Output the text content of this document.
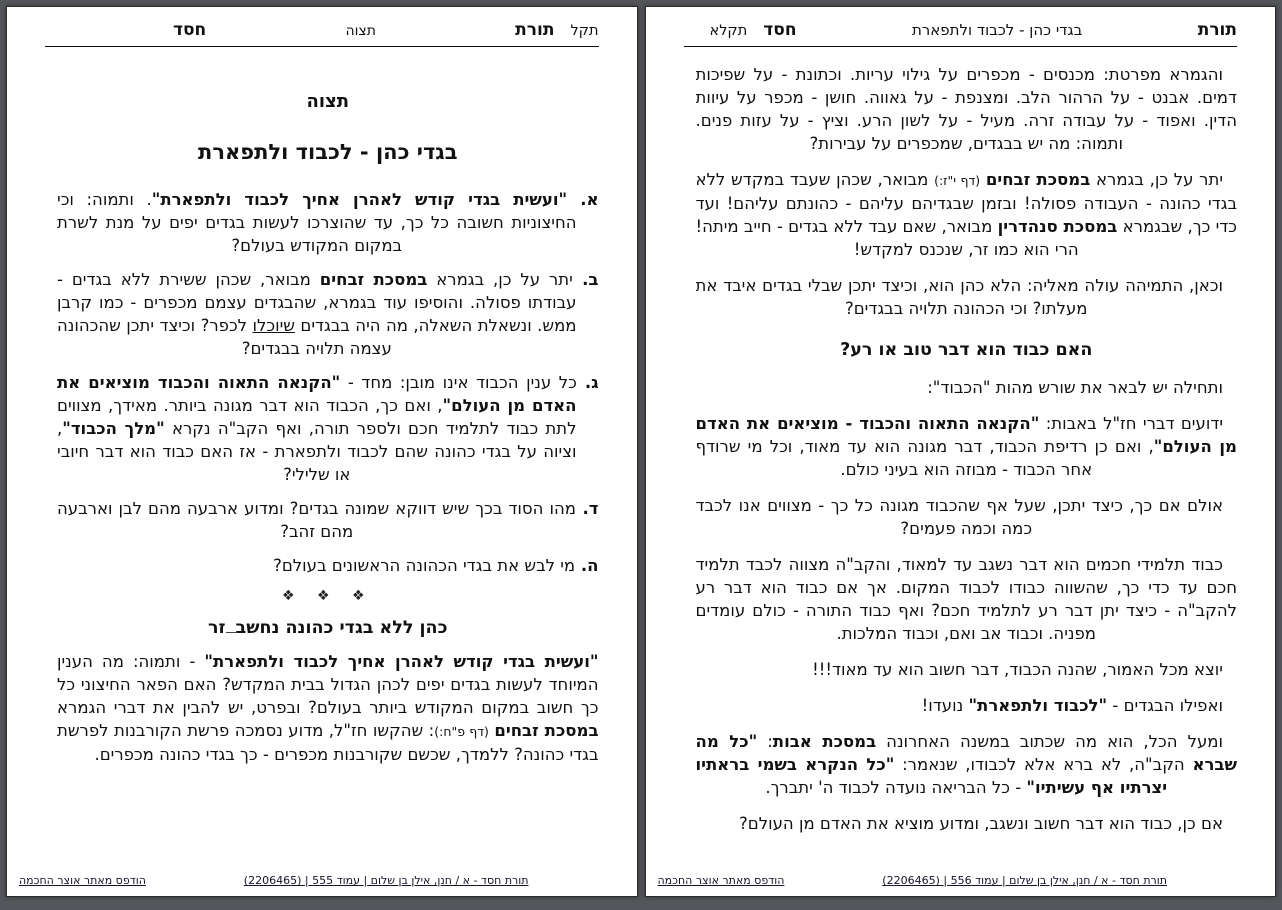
תקל
תורת
תצוה
חסד
תצוה
בגדי כהן - לכבוד ולתפארת

א. "ועשית בגדי קודש לאהרן אחיך לכבוד ולתפארת". ותמוה: וכי החיצוניות חשובה כל כך, עד שהוצרכו לעשות בגדים יפים על מנת לשרת במקום המקודש בעולם?

ב. יתר על כן, בגמרא במסכת זבחים מבואר, שכהן ששירת ללא בגדים - עבודתו פסולה. והוסיפו עוד בגמרא, שהבגדים עצמם מכפרים - כמו קרבן ממש. ונשאלת השאלה, מה היה בבגדים שיוכלו לכפר? וכיצד יתכן שהכהונה עצמה תלויה בבגדים?

ג. כל ענין הכבוד אינו מובן: מחד - "הקנאה התאוה והכבוד מוציאים את האדם מן העולם", ואם כך, הכבוד הוא דבר מגונה ביותר. מאידך, מצווים לתת כבוד לתלמיד חכם ולספר תורה, ואף הקב"ה נקרא "מלך הכבוד", וציוה על בגדי כהונה שהם לכבוד ולתפארת - אז האם כבוד הוא דבר חיובי או שלילי?

ד. מהו הסוד בכך שיש דווקא שמונה בגדים? ומדוע ארבעה מהם לבן וארבעה מהם זהב?

ה. מי לבש את בגדי הכהונה הראשונים בעולם?

❖ ❖ ❖
כהן ללא בגדי כהונה נחשבזר

"ועשית בגדי קודש לאהרן אחיך לכבוד ולתפארת" - ותמוה: מה הענין המיוחד לעשות בגדים יפים לכהן הגדול בבית המקדש? האם הפאר החיצוני כל כך חשוב במקום המקודש ביותר בעולם? ובפרט, יש להבין את דברי הגמרא במסכת זבחים (דף פ"ח:): שהקשו חז"ל, מדוע נסמכה פרשת הקורבנות לפרשת בגדי כהונה? ללמדך, שכשם שקורבנות מכפרים - כך בגדי כהונה מכפרים.

תורת חסד - א / חנן, אילן בן שלום | עמוד 555 | (2206465)
הודפס מאתר אוצר החכמה
תורת
בגדי כהן - לכבוד ולתפארת
חסד
תקלא

והגמרא מפרטת: מכנסים - מכפרים על גילוי עריות. וכתונת - על שפיכות דמים. אבנט - על הרהור הלב. ומצנפת - על גאווה. חושן - מכפר על עיוות הדין. ואפוד - על עבודה זרה. מעיל - על לשון הרע. וציץ - על עזות פנים. ותמוה: מה יש בבגדים, שמכפרים על עבירות?

יתר על כן, בגמרא במסכת זבחים (דף י"ז:) מבואר, שכהן שעבד במקדש ללא בגדי כהונה - העבודה פסולה! ובזמן שבגדיהם עליהם - כהונתם עליהם! ועד כדי כך, שבגמרא במסכת סנהדרין מבואר, שאם עבד ללא בגדים - חייב מיתה! הרי הוא כמו זר, שנכנס למקדש!

וכאן, התמיהה עולה מאליה: הלא כהן הוא, וכיצד יתכן שבלי בגדים איבד את מעלתו? וכי הכהונה תלויה בבגדים?

האם כבוד הוא דבר טוב או רע?

ותחילה יש לבאר את שורש מהות "הכבוד":

ידועים דברי חז"ל באבות: "הקנאה התאוה והכבוד - מוציאים את האדם מן העולם", ואם כן רדיפת הכבוד, דבר מגונה הוא עד מאוד, וכל מי שרודף אחר הכבוד - מבוזה הוא בעיני כולם.

אולם אם כך, כיצד יתכן, שעל אף שהכבוד מגונה כל כך - מצווים אנו לכבד כמה וכמה פעמים?

כבוד תלמידי חכמים הוא דבר נשגב עד למאוד, והקב"ה מצווה לכבד תלמיד חכם עד כדי כך, שהשווה כבודו לכבוד המקום. אך אם כבוד הוא דבר רע להקב"ה - כיצד יתן דבר רע לתלמיד חכם? ואף כבוד התורה - כולם עומדים מפניה. וכבוד אב ואם, וכבוד המלכות.

יוצא מכל האמור, שהנה הכבוד, דבר חשוב הוא עד מאוד!!!

ואפילו הבגדים - "לכבוד ולתפארת" נועדו!

ומעל הכל, הוא מה שכתוב במשנה האחרונה במסכת אבות: "כל מה שברא הקב"ה, לא ברא אלא לכבודו, שנאמר: "כל הנקרא בשמי בראתיו יצרתיו אף עשיתיו" - כל הבריאה נועדה לכבוד ה' יתברך.

אם כן, כבוד הוא דבר חשוב ונשגב, ומדוע מוציא את האדם מן העולם?

תורת חסד - א / חנן, אילן בן שלום | עמוד 556 | (2206465)
הודפס מאתר אוצר החכמה
